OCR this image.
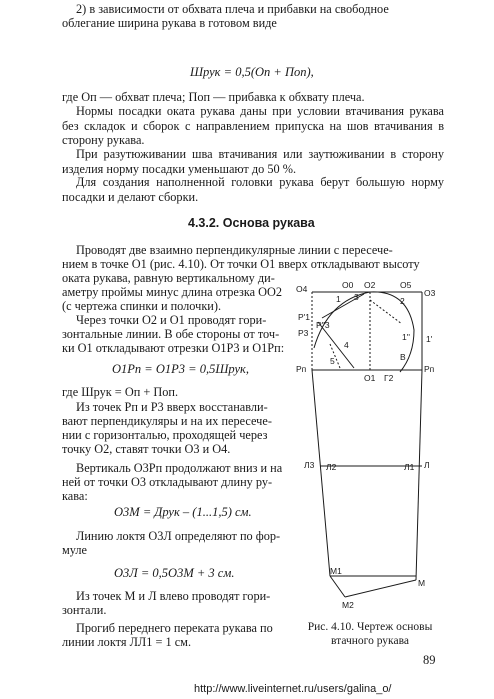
2) в зависимости от обхвата плеча и прибавки на свободное
облегание ширина рукава в готовом виде
Шрук = 0,5(Оп + Поп),
где Оп — обхват плеча; Поп — прибавка к обхвату плеча.
Нормы посадки оката рукава даны при условии втачивания рукава без складок и сборок с направлением припуска на шов втачивания в сторону рукава.
При разутюживании шва втачивания или заутюживании в сторону изделия норму посадки уменьшают до 50 %.
Для создания наполненной головки рукава берут большую норму посадки и делают сборки.
4.3.2. Основа рукава
Проводят две взаимно перпендикулярные линии с пересече-
нием в точке О1 (рис. 4.10). От точки О1 вверх откладывают высоту
оката рукава, равную вертикальному ди-
аметру проймы минус длина отрезка ОО2
(с чертежа спинки и полочки).
Через точки О2 и О1 проводят гори-
зонтальные линии. В обе стороны от точ-
ки О1 откладывают отрезки О1Р3 и О1Рп:
О1Рп = О1Р3 = 0,5Шрук,
где Шрук = Оп + Поп.
Из точек Рп и Р3 вверх восстанавли-
вают перпендикуляры и на их пересече-
нии с горизонталью, проходящей через
точку О2, ставят точки О3 и О4.
Вертикаль О3Рп продолжают вниз и на
ней от точки О3 откладывают длину ру-
кава:
О3М = Друк – (1...1,5) см.
Линию локтя О3Л определяют по фор-
муле
О3Л = 0,5О3М + 3 см.
Из точек М и Л влево проводят гори-
зонтали.
Прогиб переднего переката рукава по
линии локтя ЛЛ1 = 1 см.
О4	О0 О2	О5
О3
1 3	2
Р'1
Р''3
Р3
4
5	В
1'' 1'
Рп
О1 Г2
Рп
Л3 Л2	Л1 Л
М1
М
М2
Рис. 4.10. Чертеж основы
втачного рукава
89
http://www.liveinternet.ru/users/galina_o/
